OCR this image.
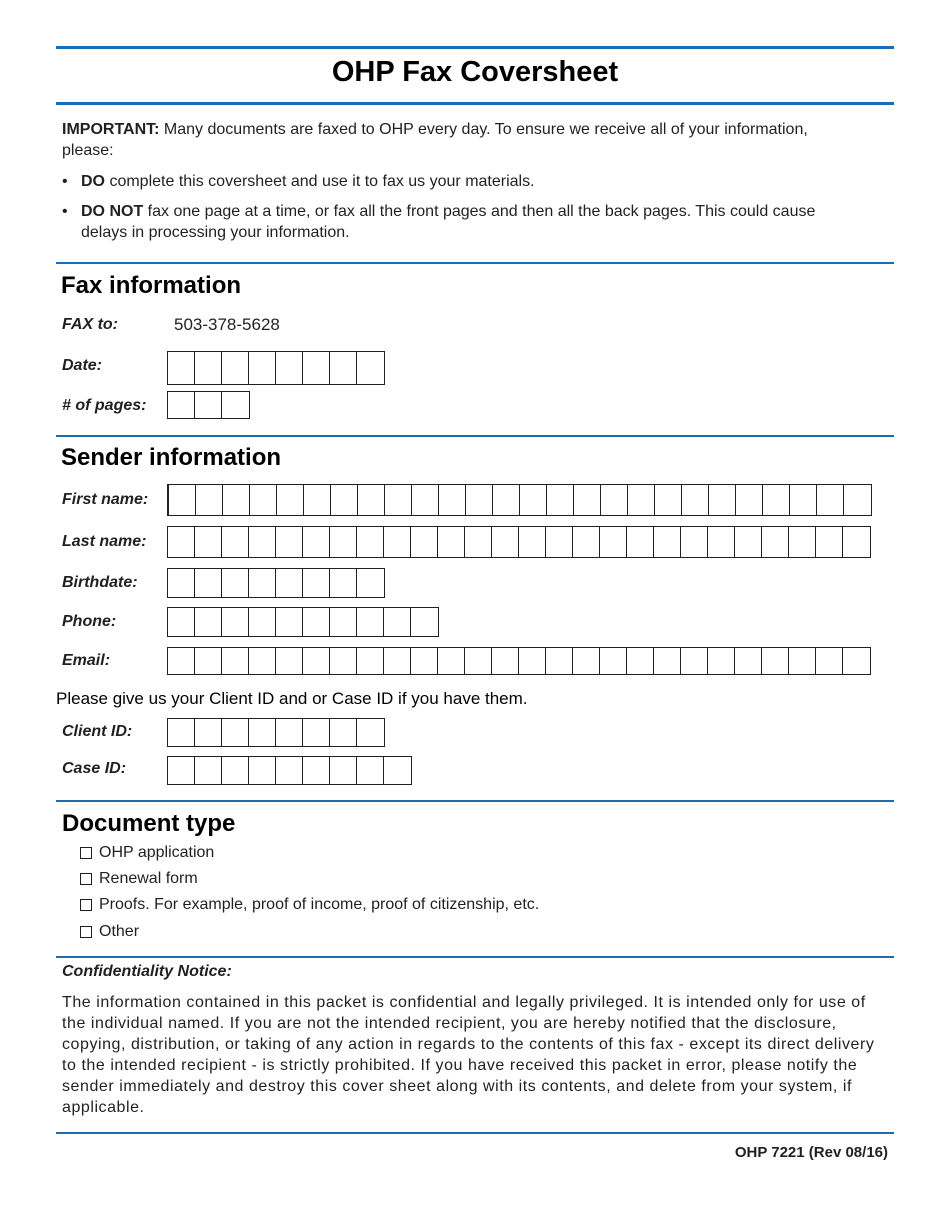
OHP Fax Coversheet
IMPORTANT: Many documents are faxed to OHP every day. To ensure we receive all of your information, please:
• DO complete this coversheet and use it to fax us your materials.
• DO NOT fax one page at a time, or fax all the front pages and then all the back pages. This could cause delays in processing your information.
Fax information
FAX to:	503-378-5628
Date:
# of pages:
Sender information
First name:
Last name:
Birthdate:
Phone:
Email:
Please give us your Client ID and or Case ID if you have them.
Client ID:
Case ID:
Document type
OHP application
Renewal form
Proofs. For example, proof of income, proof of citizenship, etc.
Other
Confidentiality Notice:
The information contained in this packet is confidential and legally privileged. It is intended only for use of the individual named. If you are not the intended recipient, you are hereby notified that the disclosure, copying, distribution, or taking of any action in regards to the contents of this fax - except its direct delivery to the intended recipient - is strictly prohibited. If you have received this packet in error, please notify the sender immediately and destroy this cover sheet along with its contents, and delete from your system, if applicable.
OHP 7221 (Rev 08/16)
